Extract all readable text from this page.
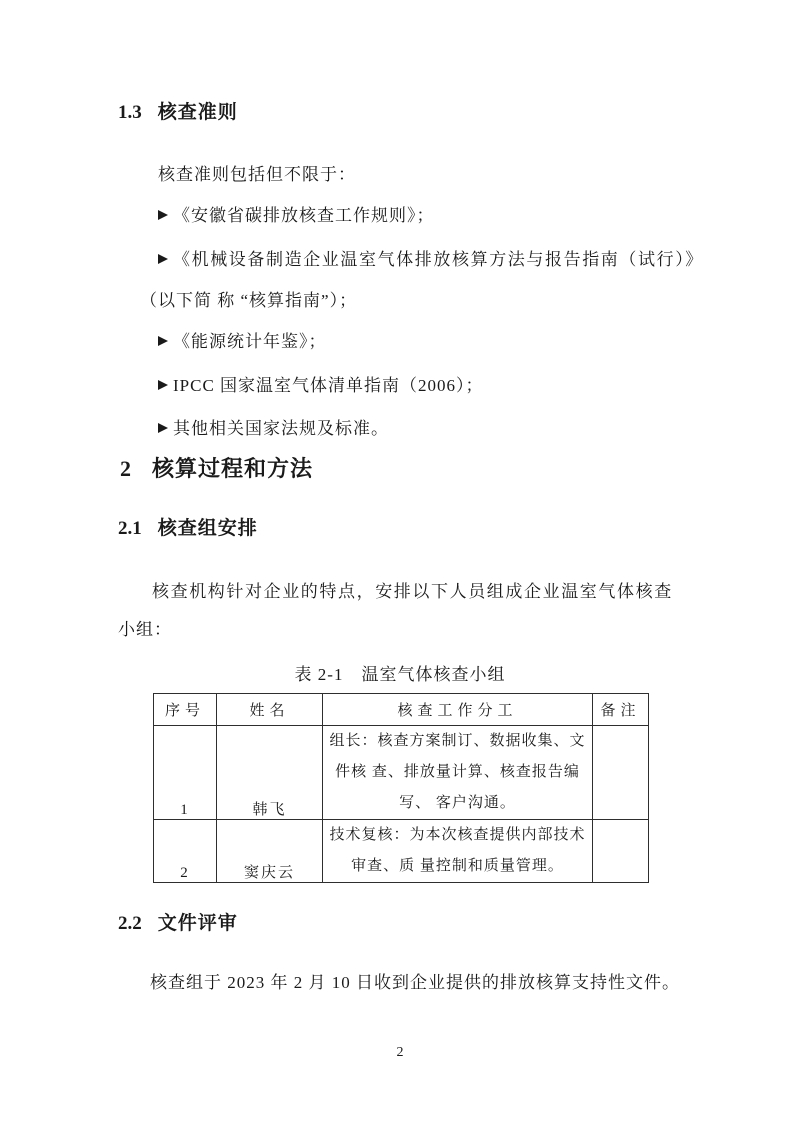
1.3 核查准则
核查准则包括但不限于：
《安徽省碳排放核查工作规则》；
《机械设备制造企业温室气体排放核算方法与报告指南（试行）》
（以下简 称 “核算指南”）；
《能源统计年鉴》；
IPCC 国家温室气体清单指南（2006）；
其他相关国家法规及标准。
2 核算过程和方法
2.1 核查组安排
核查机构针对企业的特点，安排以下人员组成企业温室气体核查
小组：
表 2-1　温室气体核查小组
序号	姓名	核查工作分工	备注
1	韩飞	组长：核查方案制订、数据收集、文
件核 查、排放量计算、核查报告编
写、 客户沟通。	

2	窦庆云	技术复核：为本次核查提供内部技术
审查、质 量控制和质量管理。	

2.2 文件评审
核查组于 2023 年 2 月 10 日收到企业提供的排放核算支持性文件。
2
